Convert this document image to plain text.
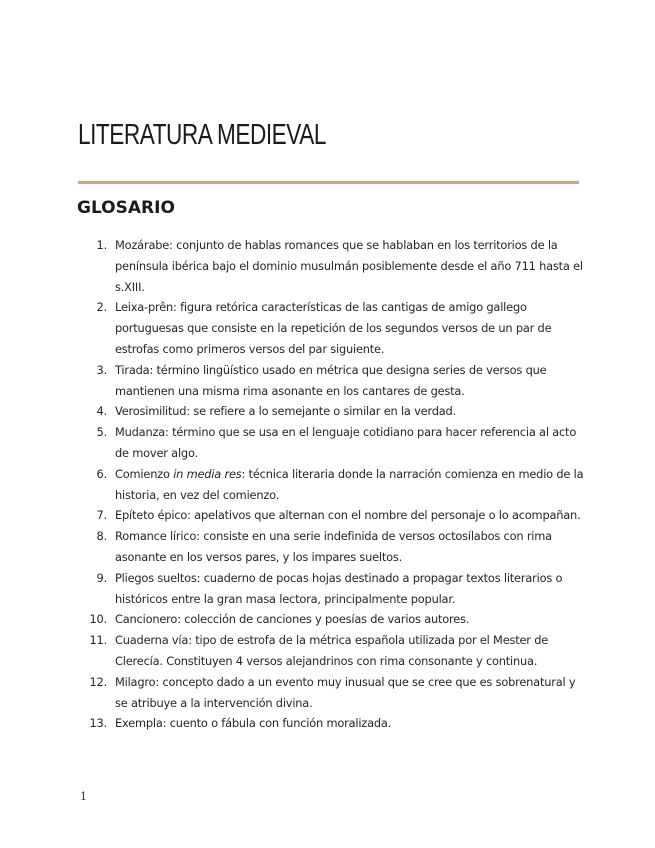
LITERATURA MEDIEVAL
GLOSARIO
1. Mozárabe: conjunto de hablas romances que se hablaban en los territorios de la península ibérica bajo el dominio musulmán posiblemente desde el año 711 hasta el s.XIII.
2. Leixa-prên: figura retórica características de las cantigas de amigo gallego portuguesas que consiste en la repetición de los segundos versos de un par de estrofas como primeros versos del par siguiente.
3. Tirada: término lingüístico usado en métrica que designa series de versos que mantienen una misma rima asonante en los cantares de gesta.
4. Verosimilitud: se refiere a lo semejante o similar en la verdad.
5. Mudanza: término que se usa en el lenguaje cotidiano para hacer referencia al acto de mover algo.
6. Comienzo in media res: técnica literaria donde la narración comienza en medio de la historia, en vez del comienzo.
7. Epíteto épico: apelativos que alternan con el nombre del personaje o lo acompañan.
8. Romance lírico: consiste en una serie indefinida de versos octosílabos con rima asonante en los versos pares, y los impares sueltos.
9. Pliegos sueltos: cuaderno de pocas hojas destinado a propagar textos literarios o históricos entre la gran masa lectora, principalmente popular.
10. Cancionero: colección de canciones y poesías de varios autores.
11. Cuaderna vía: tipo de estrofa de la métrica española utilizada por el Mester de Clerecía. Constituyen 4 versos alejandrinos con rima consonante y continua.
12. Milagro: concepto dado a un evento muy inusual que se cree que es sobrenatural y se atribuye a la intervención divina.
13. Exempla: cuento o fábula con función moralizada.
1
